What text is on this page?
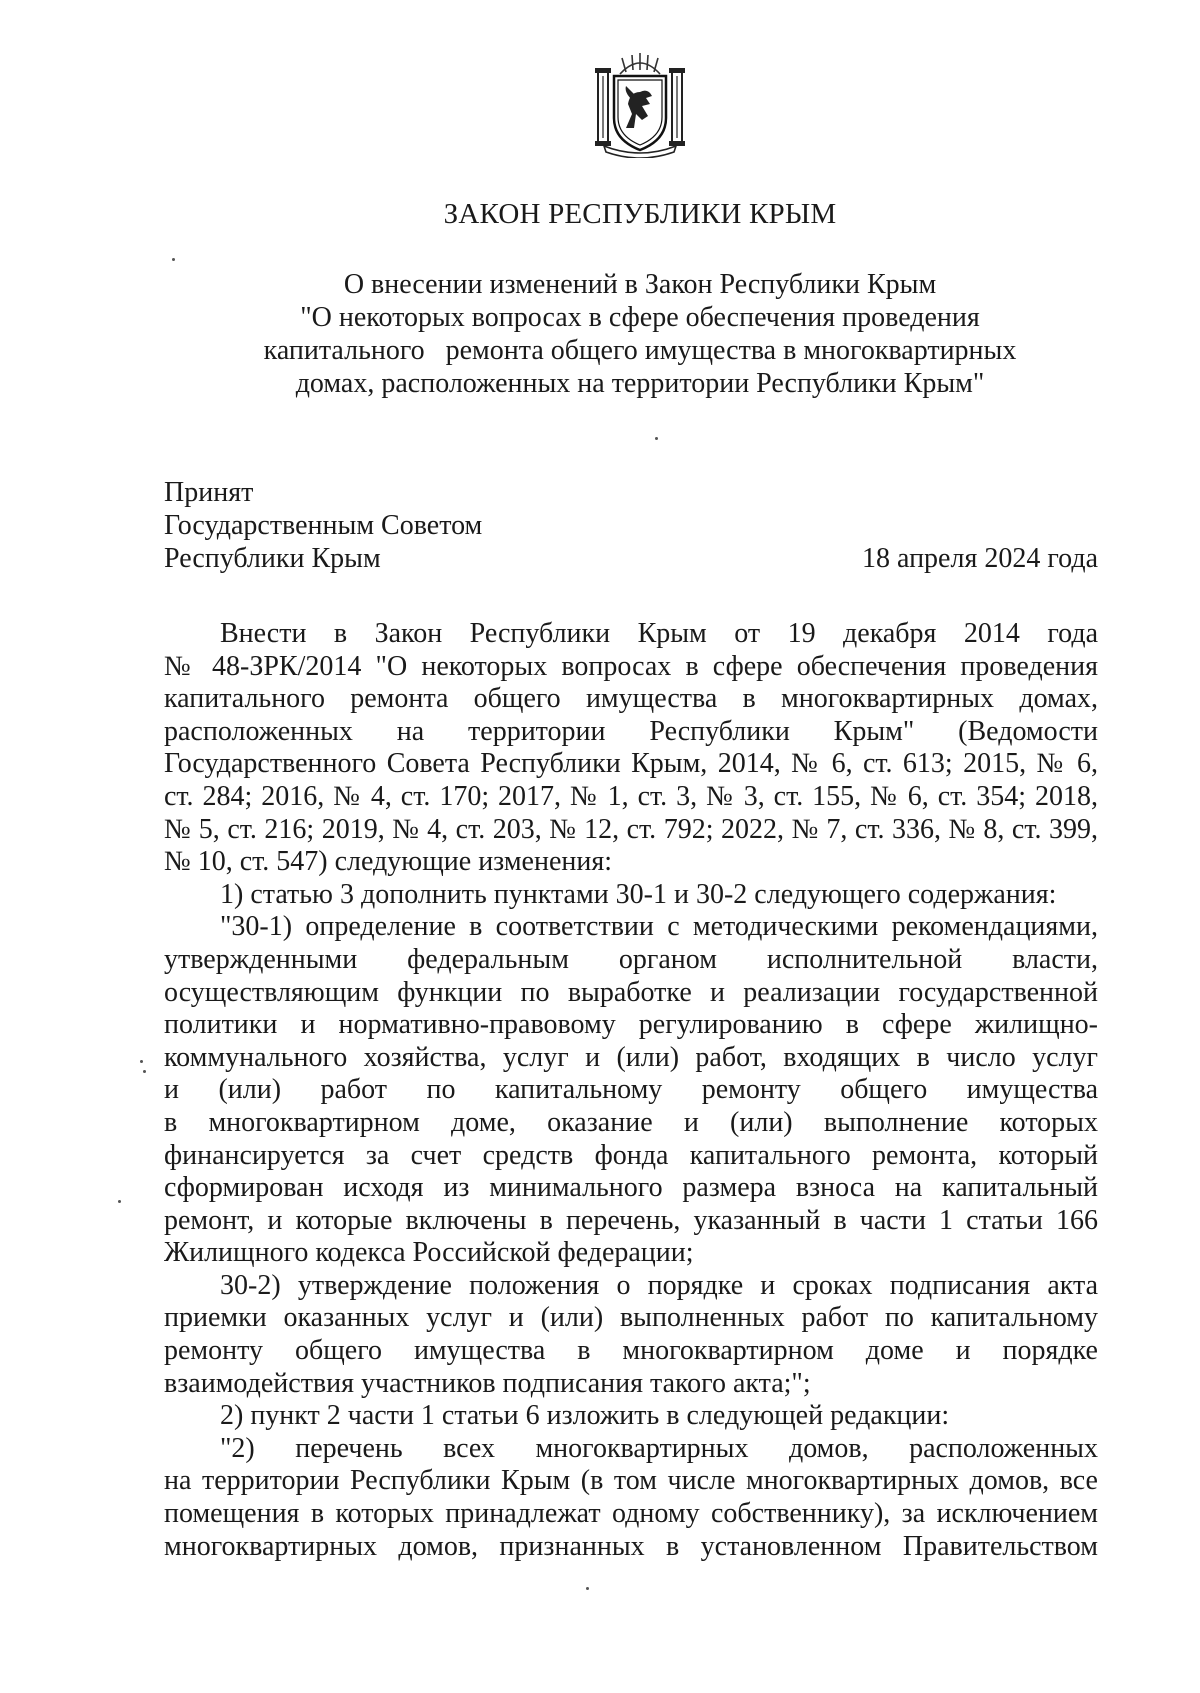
ЗАКОН РЕСПУБЛИКИ КРЫМ
О внесении изменений в Закон Республики Крым
"О некоторых вопросах в сфере обеспечения проведения
капитального   ремонта общего имущества в многоквартирных
домах, расположенных на территории Республики Крым"
Принят
Государственным Советом
Республики Крым	18 апреля 2024 года
Внести в Закон Республики Крым от 19 декабря 2014 года
№ 48-ЗРК/2014 "О некоторых вопросах в сфере обеспечения проведения
капитального ремонта общего имущества в многоквартирных домах,
расположенных на территории Республики Крым" (Ведомости
Государственного Совета Республики Крым, 2014, № 6, ст. 613; 2015, № 6,
ст. 284; 2016, № 4, ст. 170; 2017, № 1, ст. 3, № 3, ст. 155, № 6, ст. 354; 2018,
№ 5, ст. 216; 2019, № 4, ст. 203, № 12, ст. 792; 2022, № 7, ст. 336, № 8, ст. 399,
№ 10, ст. 547) следующие изменения:
1) статью 3 дополнить пунктами 30-1 и 30-2 следующего содержания:
"30-1) определение в соответствии с методическими рекомендациями,
утвержденными федеральным органом исполнительной власти,
осуществляющим функции по выработке и реализации государственной
политики и нормативно-правовому регулированию в сфере жилищно-
коммунального хозяйства, услуг и (или) работ, входящих в число услуг
и (или) работ по капитальному ремонту общего имущества
в многоквартирном доме, оказание и (или) выполнение которых
финансируется за счет средств фонда капитального ремонта, который
сформирован исходя из минимального размера взноса на капитальный
ремонт, и которые включены в перечень, указанный в части 1 статьи 166
Жилищного кодекса Российской федерации;
30-2) утверждение положения о порядке и сроках подписания акта
приемки оказанных услуг и (или) выполненных работ по капитальному
ремонту общего имущества в многоквартирном доме и порядке
взаимодействия участников подписания такого акта;";
2) пункт 2 части 1 статьи 6 изложить в следующей редакции:
"2) перечень всех многоквартирных домов, расположенных
на территории Республики Крым (в том числе многоквартирных домов, все
помещения в которых принадлежат одному собственнику), за исключением
многоквартирных домов, признанных в установленном Правительством
